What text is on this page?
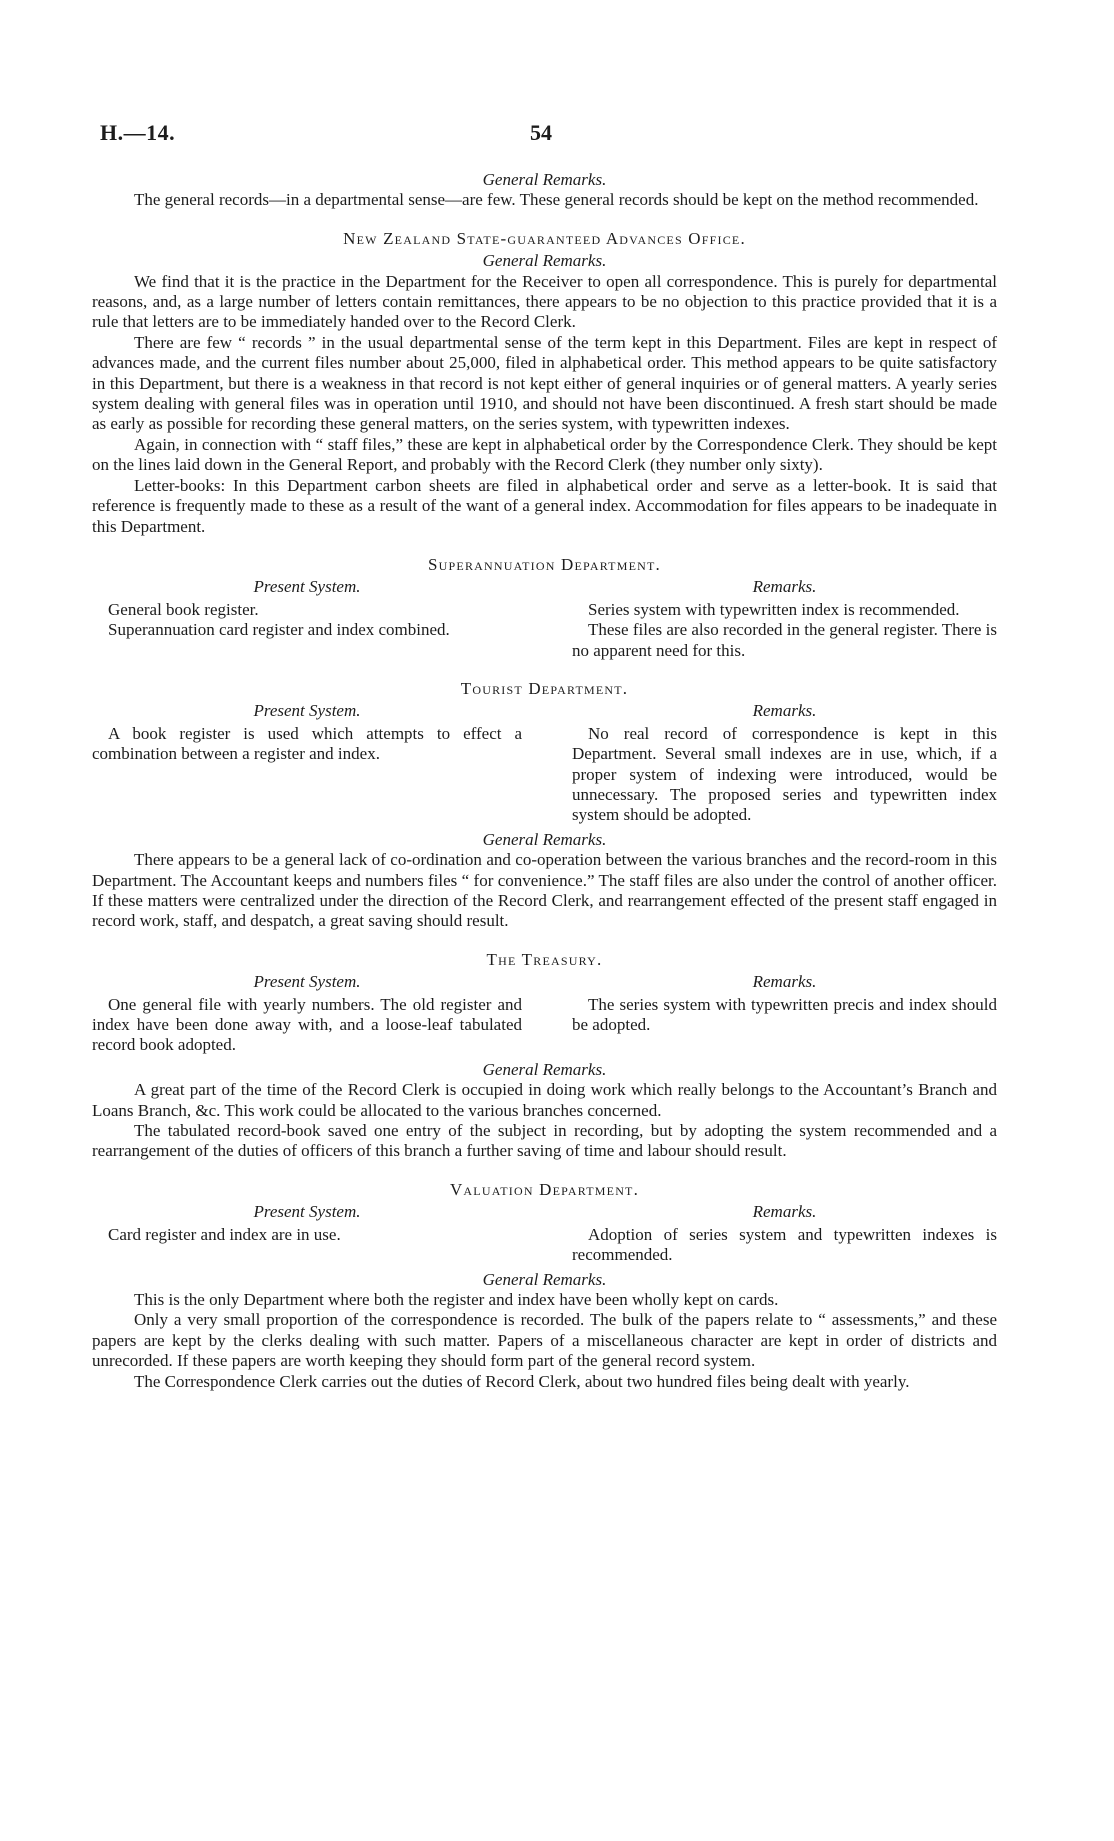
H.—14.	54
General Remarks.

The general records—in a departmental sense—are few. These general records should be kept on the method recommended.

New Zealand State-guaranteed Advances Office.
General Remarks.

We find that it is the practice in the Department for the Receiver to open all correspondence. This is purely for departmental reasons, and, as a large number of letters contain remittances, there appears to be no objection to this practice provided that it is a rule that letters are to be immediately handed over to the Record Clerk.

There are few “ records ” in the usual departmental sense of the term kept in this Department. Files are kept in respect of advances made, and the current files number about 25,000, filed in alphabetical order. This method appears to be quite satisfactory in this Department, but there is a weakness in that record is not kept either of general inquiries or of general matters. A yearly series system dealing with general files was in operation until 1910, and should not have been discontinued. A fresh start should be made as early as possible for recording these general matters, on the series system, with typewritten indexes.

Again, in connection with “ staff files,” these are kept in alphabetical order by the Correspondence Clerk. They should be kept on the lines laid down in the General Report, and probably with the Record Clerk (they number only sixty).

Letter-books: In this Department carbon sheets are filed in alphabetical order and serve as a letter-book. It is said that reference is frequently made to these as a result of the want of a general index. Accommodation for files appears to be inadequate in this Department.

Superannuation Department.
Present System.

General book register.

Superannuation card register and index combined.

Remarks.

Series system with typewritten index is recommended.

These files are also recorded in the general register. There is no apparent need for this.

Tourist Department.
Present System.

A book register is used which attempts to effect a combination between a register and index.

Remarks.

No real record of correspondence is kept in this Department. Several small indexes are in use, which, if a proper system of indexing were introduced, would be unnecessary. The proposed series and typewritten index system should be adopted.

General Remarks.

There appears to be a general lack of co-ordination and co-operation between the various branches and the record-room in this Department. The Accountant keeps and numbers files “ for convenience.” The staff files are also under the control of another officer. If these matters were centralized under the direction of the Record Clerk, and rearrangement effected of the present staff engaged in record work, staff, and despatch, a great saving should result.

The Treasury.
Present System.

One general file with yearly numbers. The old register and index have been done away with, and a loose-leaf tabulated record book adopted.

Remarks.

The series system with typewritten precis and index should be adopted.

General Remarks.

A great part of the time of the Record Clerk is occupied in doing work which really belongs to the Accountant’s Branch and Loans Branch, &c. This work could be allocated to the various branches concerned.

The tabulated record-book saved one entry of the subject in recording, but by adopting the system recommended and a rearrangement of the duties of officers of this branch a further saving of time and labour should result.

Valuation Department.
Present System.

Card register and index are in use.

Remarks.

Adoption of series system and typewritten indexes is recommended.

General Remarks.

This is the only Department where both the register and index have been wholly kept on cards.

Only a very small proportion of the correspondence is recorded. The bulk of the papers relate to “ assessments,” and these papers are kept by the clerks dealing with such matter. Papers of a miscellaneous character are kept in order of districts and unrecorded. If these papers are worth keeping they should form part of the general record system.

The Correspondence Clerk carries out the duties of Record Clerk, about two hundred files being dealt with yearly.
